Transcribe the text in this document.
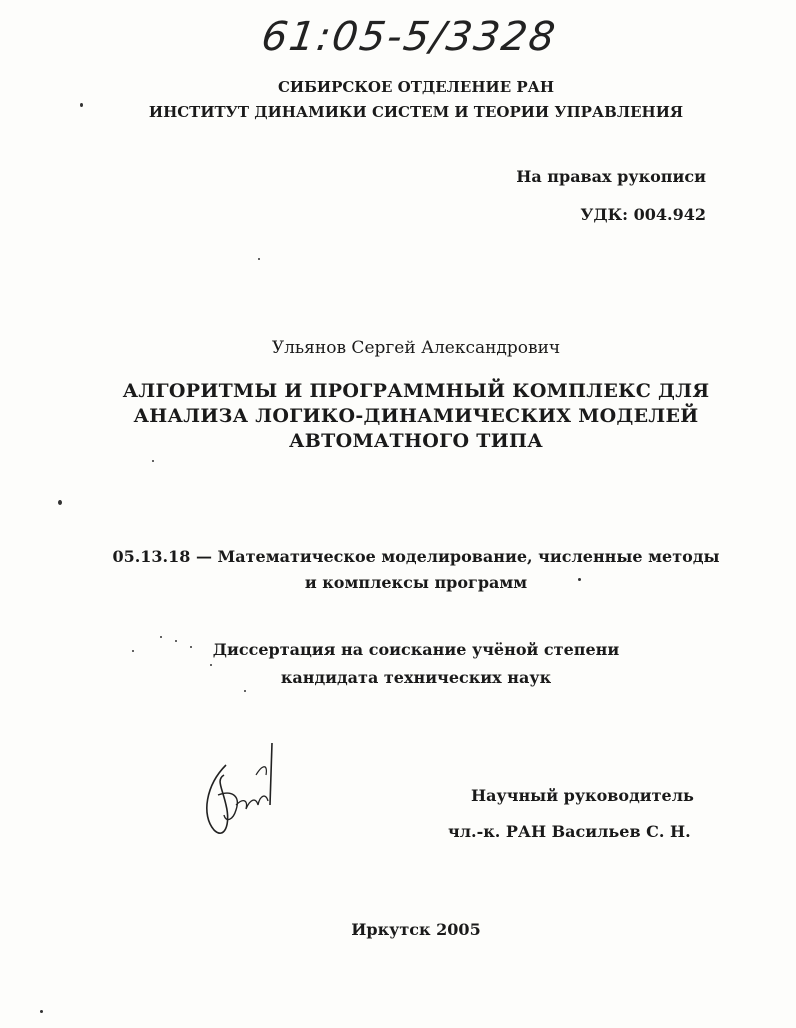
61:05-5/3328
СИБИРСКОЕ ОТДЕЛЕНИЕ РАН
ИНСТИТУТ ДИНАМИКИ СИСТЕМ И ТЕОРИИ УПРАВЛЕНИЯ
На правах рукописи
УДК: 004.942
Ульянов Сергей Александрович
АЛГОРИТМЫ И ПРОГРАММНЫЙ КОМПЛЕКС ДЛЯ
АНАЛИЗА ЛОГИКО-ДИНАМИЧЕСКИХ МОДЕЛЕЙ
АВТОМАТНОГО ТИПА
05.13.18 — Математическое моделирование, численные методы
и комплексы программ
Диссертация на соискание учёной степени
кандидата технических наук
Научный руководитель
чл.-к. РАН Васильев С. Н.
Иркутск 2005
